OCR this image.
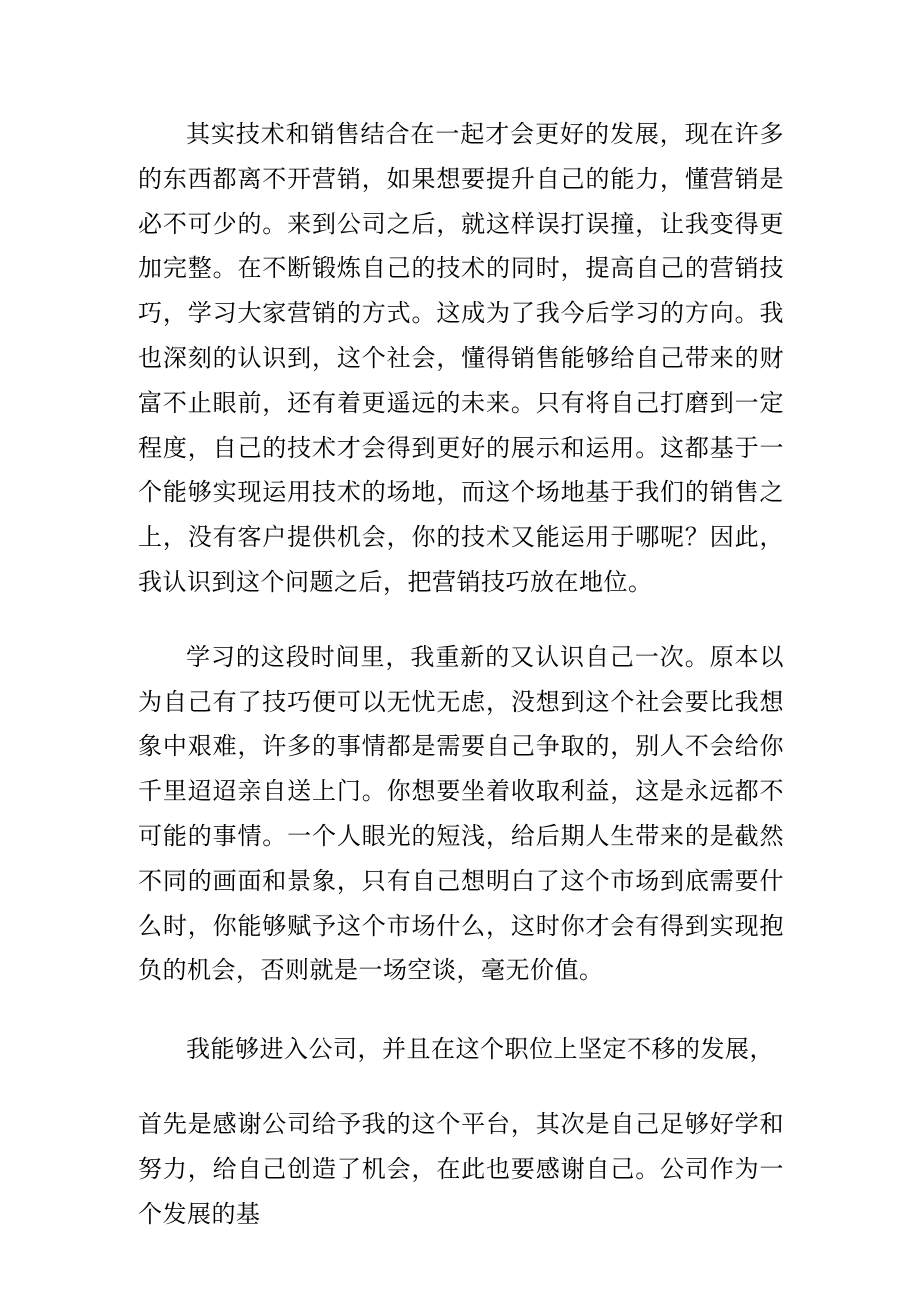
其实技术和销售结合在一起才会更好的发展，现在许多的东西都离不开营销，如果想要提升自己的能力，懂营销是必不可少的。来到公司之后，就这样误打误撞，让我变得更加完整。在不断锻炼自己的技术的同时，提高自己的营销技巧，学习大家营销的方式。这成为了我今后学习的方向。我也深刻的认识到，这个社会，懂得销售能够给自己带来的财富不止眼前，还有着更遥远的未来。只有将自己打磨到一定程度，自己的技术才会得到更好的展示和运用。这都基于一个能够实现运用技术的场地，而这个场地基于我们的销售之上，没有客户提供机会，你的技术又能运用于哪呢？因此，我认识到这个问题之后，把营销技巧放在地位。

学习的这段时间里，我重新的又认识自己一次。原本以为自己有了技巧便可以无忧无虑，没想到这个社会要比我想象中艰难，许多的事情都是需要自己争取的，别人不会给你千里迢迢亲自送上门。你想要坐着收取利益，这是永远都不可能的事情。一个人眼光的短浅，给后期人生带来的是截然不同的画面和景象，只有自己想明白了这个市场到底需要什么时，你能够赋予这个市场什么，这时你才会有得到实现抱负的机会，否则就是一场空谈，毫无价值。

我能够进入公司，并且在这个职位上坚定不移的发展，

首先是感谢公司给予我的这个平台，其次是自己足够好学和努力，给自己创造了机会，在此也要感谢自己。公司作为一个发展的基
